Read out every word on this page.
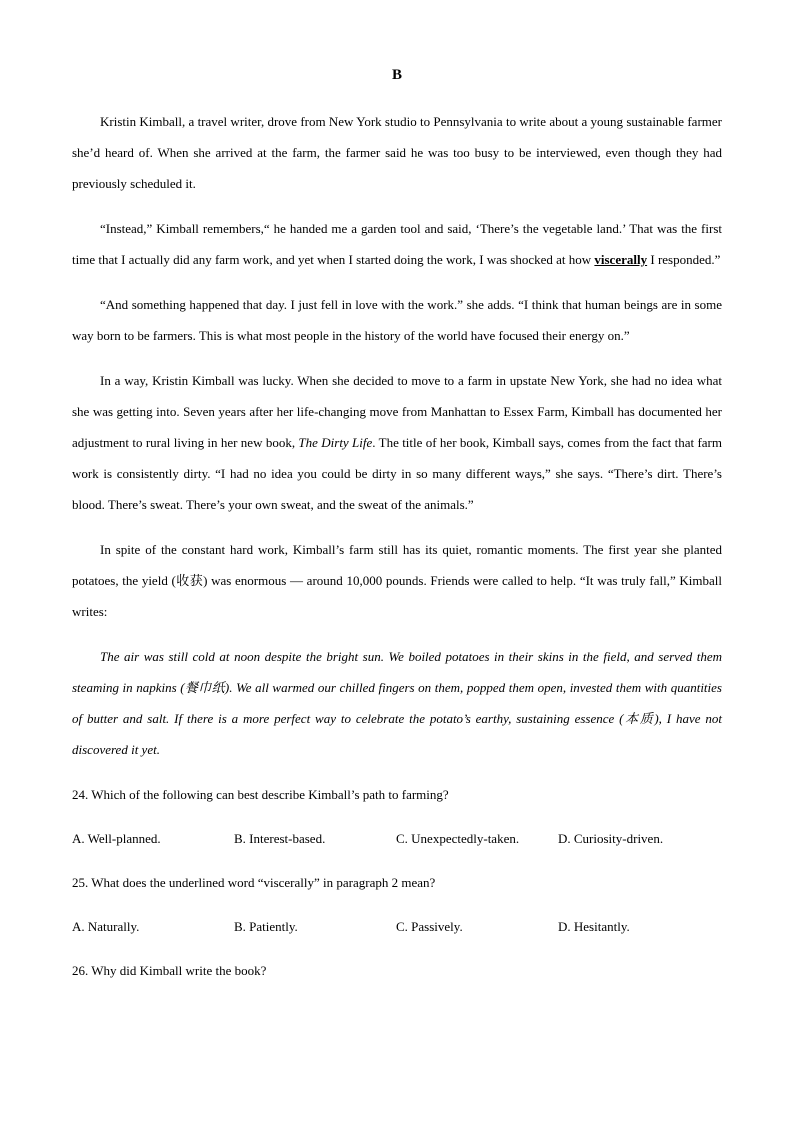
B

Kristin Kimball, a travel writer, drove from New York studio to Pennsylvania to write about a young sustainable farmer she’d heard of. When she arrived at the farm, the farmer said he was too busy to be interviewed, even though they had previously scheduled it.

“Instead,” Kimball remembers,“ he handed me a garden tool and said, ‘There’s the vegetable land.’ That was the first time that I actually did any farm work, and yet when I started doing the work, I was shocked at how viscerally I responded.”

“And something happened that day. I just fell in love with the work.” she adds. “I think that human beings are in some way born to be farmers. This is what most people in the history of the world have focused their energy on.”

In a way, Kristin Kimball was lucky. When she decided to move to a farm in upstate New York, she had no idea what she was getting into. Seven years after her life-changing move from Manhattan to Essex Farm, Kimball has documented her adjustment to rural living in her new book, The Dirty Life. The title of her book, Kimball says, comes from the fact that farm work is consistently dirty. “I had no idea you could be dirty in so many different ways,” she says. “There’s dirt. There’s blood. There’s sweat. There’s your own sweat, and the sweat of the animals.”

In spite of the constant hard work, Kimball’s farm still has its quiet, romantic moments. The first year she planted potatoes, the yield (收获) was enormous — around 10,000 pounds. Friends were called to help. “It was truly fall,” Kimball writes:

The air was still cold at noon despite the bright sun. We boiled potatoes in their skins in the field, and served them steaming in napkins (餐巾纸). We all warmed our chilled fingers on them, popped them open, invested them with quantities of butter and salt. If there is a more perfect way to celebrate the potato’s earthy, sustaining essence (本质), I have not discovered it yet.

24. Which of the following can best describe Kimball’s path to farming?
A. Well-planned.	B. Interest-based.	C. Unexpectedly-taken.	D. Curiosity-driven.
25. What does the underlined word “viscerally” in paragraph 2 mean?
A. Naturally.	B. Patiently.	C. Passively.	D. Hesitantly.
26. Why did Kimball write the book?
